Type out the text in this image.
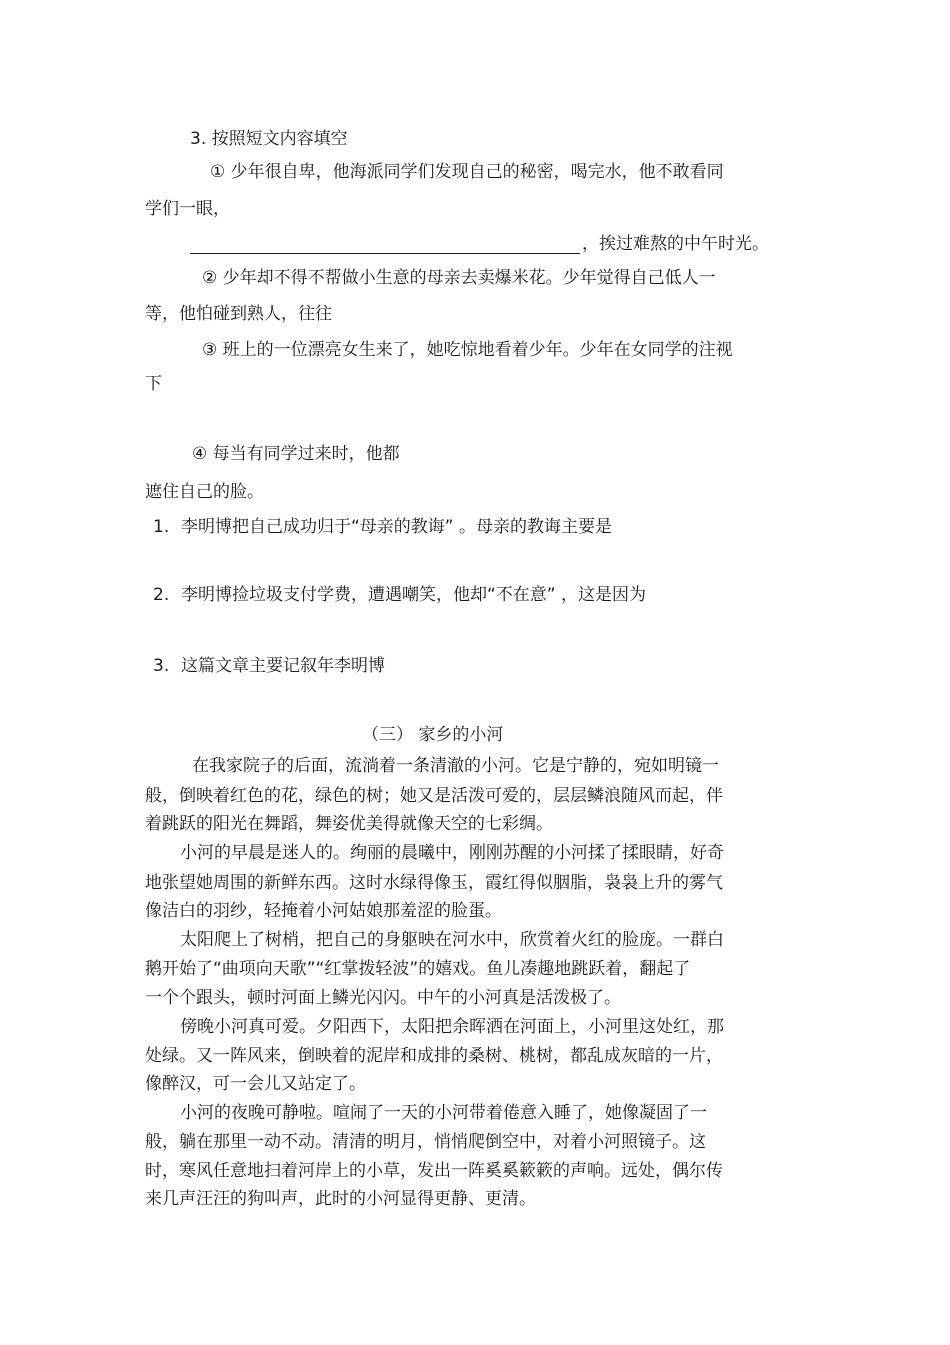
3. 按照短文内容填空
① 少年很自卑，他海派同学们发现自己的秘密，喝完水，他不敢看同
学们一眼，
，挨过难熬的中午时光。
② 少年却不得不帮做小生意的母亲去卖爆米花。少年觉得自己低人一
等，他怕碰到熟人，往往
③ 班上的一位漂亮女生来了，她吃惊地看着少年。少年在女同学的注视
下
④ 每当有同学过来时，他都
遮住自己的脸。
1. 李明博把自己成功归于“母亲的教诲” 。母亲的教诲主要是
2. 李明博捡垃圾支付学费，遭遇嘲笑，他却“不在意” ，这是因为
3. 这篇文章主要记叙年李明博
（三） 家乡的小河
在我家院子的后面，流淌着一条清澈的小河。它是宁静的，宛如明镜一
般，倒映着红色的花，绿色的树；她又是活泼可爱的，层层鳞浪随风而起，伴
着跳跃的阳光在舞蹈，舞姿优美得就像天空的七彩绸。
小河的早晨是迷人的。绚丽的晨曦中，刚刚苏醒的小河揉了揉眼睛，好奇
地张望她周围的新鲜东西。这时水绿得像玉，霞红得似胭脂，袅袅上升的雾气
像洁白的羽纱，轻掩着小河姑娘那羞涩的脸蛋。
太阳爬上了树梢，把自己的身躯映在河水中，欣赏着火红的脸庞。一群白
鹅开始了“曲项向天歌”“红掌拨轻波”的嬉戏。鱼儿凑趣地跳跃着，翻起了
一个个跟头，顿时河面上鳞光闪闪。中午的小河真是活泼极了。
傍晚小河真可爱。夕阳西下，太阳把余晖洒在河面上，小河里这处红，那
处绿。又一阵风来，倒映着的泥岸和成排的桑树、桃树，都乱成灰暗的一片，
像醉汉，可一会儿又站定了。
小河的夜晚可静啦。喧闹了一天的小河带着倦意入睡了，她像凝固了一
般，躺在那里一动不动。清清的明月，悄悄爬倒空中，对着小河照镜子。这
时，寒风任意地扫着河岸上的小草，发出一阵奚奚簌簌的声响。远处，偶尔传
来几声汪汪的狗叫声，此时的小河显得更静、更清。
